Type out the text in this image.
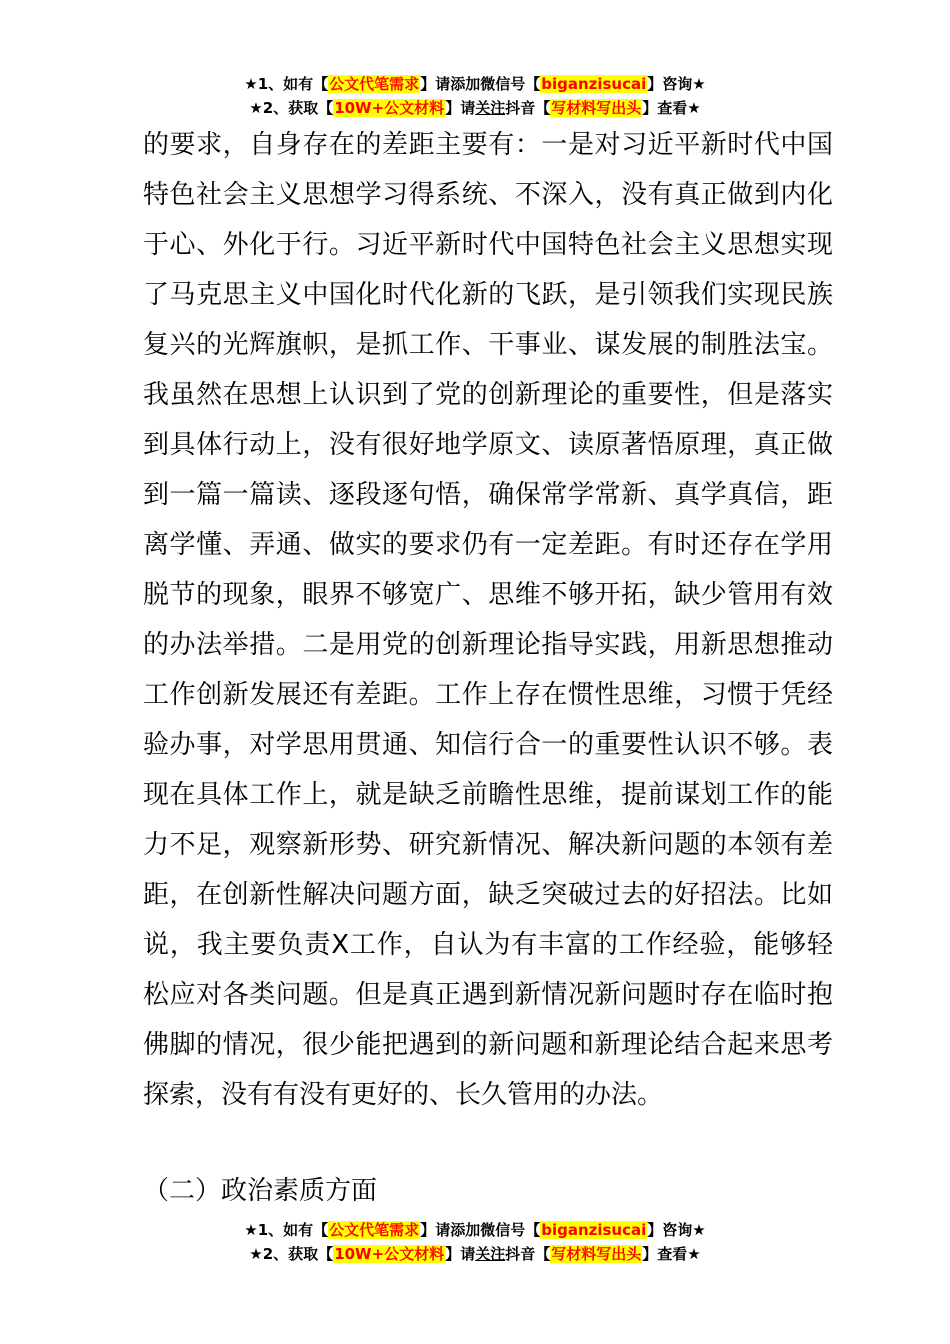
★1、如有【公文代笔需求】请添加微信号【biganzisucai】咨询★
★2、获取【10W+公文材料】请关注抖音【写材料写出头】查看★

的要求，自身存在的差距主要有：一是对习近平新时代中国特色社会主义思想学习得系统、不深入，没有真正做到内化于心、外化于行。习近平新时代中国特色社会主义思想实现了马克思主义中国化时代化新的飞跃，是引领我们实现民族复兴的光辉旗帜，是抓工作、干事业、谋发展的制胜法宝。我虽然在思想上认识到了党的创新理论的重要性，但是落实到具体行动上，没有很好地学原文、读原著悟原理，真正做到一篇一篇读、逐段逐句悟，确保常学常新、真学真信，距离学懂、弄通、做实的要求仍有一定差距。有时还存在学用脱节的现象，眼界不够宽广、思维不够开拓，缺少管用有效的办法举措。二是用党的创新理论指导实践，用新思想推动工作创新发展还有差距。工作上存在惯性思维，习惯于凭经验办事，对学思用贯通、知信行合一的重要性认识不够。表现在具体工作上，就是缺乏前瞻性思维，提前谋划工作的能力不足，观察新形势、研究新情况、解决新问题的本领有差距，在创新性解决问题方面，缺乏突破过去的好招法。比如说，我主要负责X工作，自认为有丰富的工作经验，能够轻松应对各类问题。但是真正遇到新情况新问题时存在临时抱佛脚的情况，很少能把遇到的新问题和新理论结合起来思考探索，没有有没有更好的、长久管用的办法。

（二）政治素质方面
★1、如有【公文代笔需求】请添加微信号【biganzisucai】咨询★
★2、获取【10W+公文材料】请关注抖音【写材料写出头】查看★
